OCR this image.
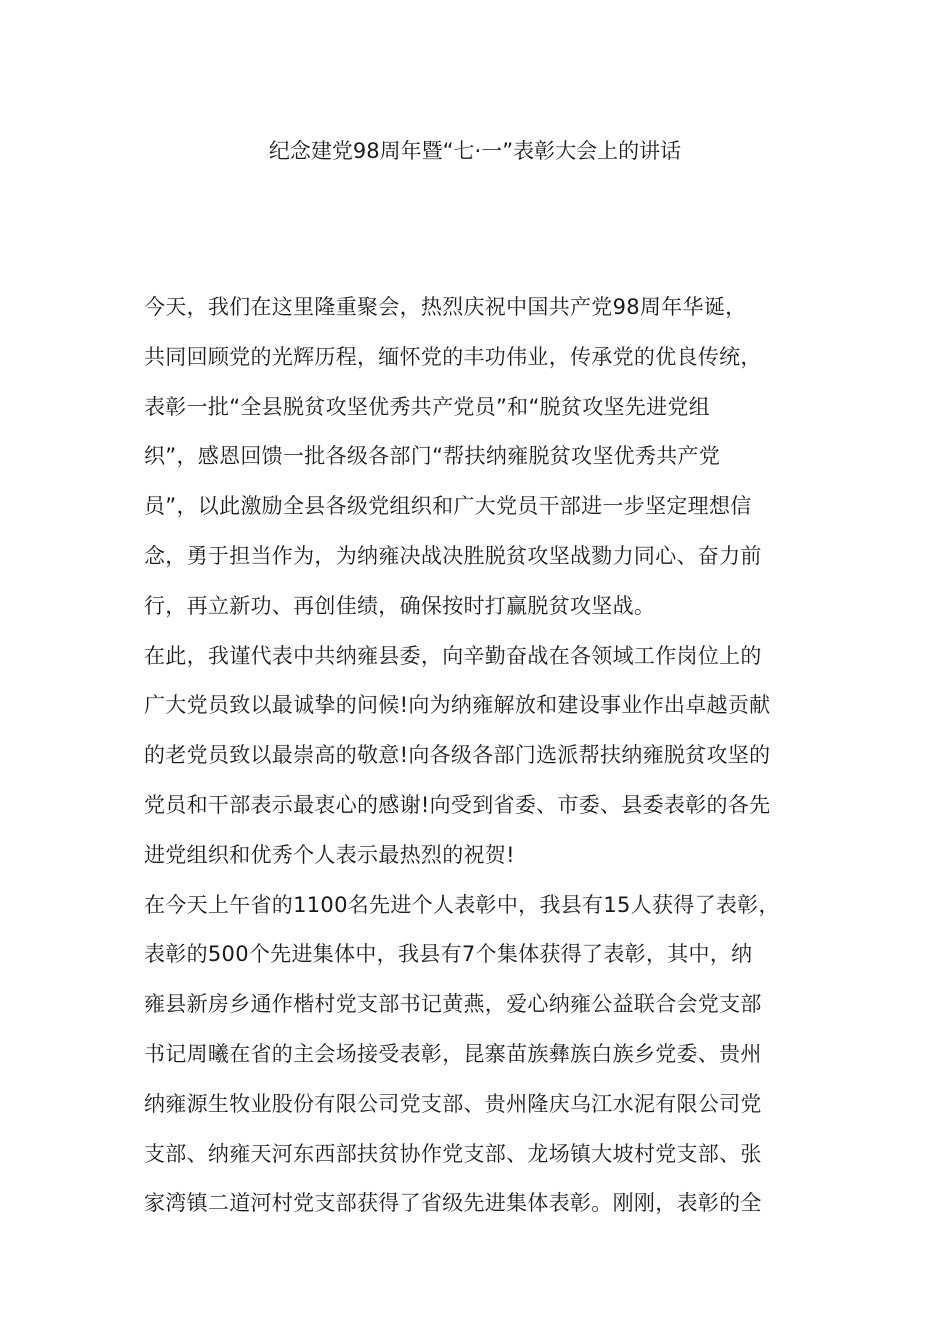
纪念建党98周年暨“七·一”表彰大会上的讲话

今天，我们在这里隆重聚会，热烈庆祝中国共产党98周年华诞，
共同回顾党的光辉历程，缅怀党的丰功伟业，传承党的优良传统，
表彰一批“全县脱贫攻坚优秀共产党员”和“脱贫攻坚先进党组
织”，感恩回馈一批各级各部门“帮扶纳雍脱贫攻坚优秀共产党
员”，以此激励全县各级党组织和广大党员干部进一步坚定理想信
念，勇于担当作为，为纳雍决战决胜脱贫攻坚战勠力同心、奋力前
行，再立新功、再创佳绩，确保按时打赢脱贫攻坚战。

在此，我谨代表中共纳雍县委，向辛勤奋战在各领域工作岗位上的
广大党员致以最诚挚的问候!向为纳雍解放和建设事业作出卓越贡献
的老党员致以最崇高的敬意!向各级各部门选派帮扶纳雍脱贫攻坚的
党员和干部表示最衷心的感谢!向受到省委、市委、县委表彰的各先
进党组织和优秀个人表示最热烈的祝贺!

在今天上午省的1100名先进个人表彰中，我县有15人获得了表彰，
表彰的500个先进集体中，我县有7个集体获得了表彰，其中，纳
雍县新房乡通作楷村党支部书记黄燕，爱心纳雍公益联合会党支部
书记周曦在省的主会场接受表彰，昆寨苗族彝族白族乡党委、贵州
纳雍源生牧业股份有限公司党支部、贵州隆庆乌江水泥有限公司党
支部、纳雍天河东西部扶贫协作党支部、龙场镇大坡村党支部、张
家湾镇二道河村党支部获得了省级先进集体表彰。刚刚，表彰的全
